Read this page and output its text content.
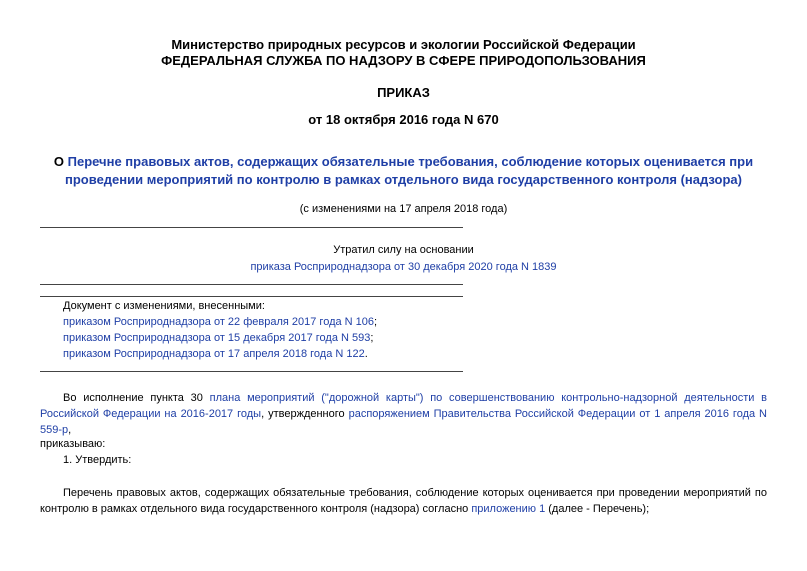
Министерство природных ресурсов и экологии Российской Федерации
ФЕДЕРАЛЬНАЯ СЛУЖБА ПО НАДЗОРУ В СФЕРЕ ПРИРОДОПОЛЬЗОВАНИЯ
ПРИКАЗ
от 18 октября 2016 года N 670
О Перечне правовых актов, содержащих обязательные требования, соблюдение которых оценивается при
проведении мероприятий по контролю в рамках отдельного вида государственного контроля (надзора)
(с изменениями на 17 апреля 2018 года)
Утратил силу на основании
приказа Росприроднадзора от 30 декабря 2020 года N 1839
Документ с изменениями, внесенными:
приказом Росприроднадзора от 22 февраля 2017 года N 106;
приказом Росприроднадзора от 15 декабря 2017 года N 593;
приказом Росприроднадзора от 17 апреля 2018 года N 122.

Во исполнение пункта 30 плана мероприятий ("дорожной карты") по совершенствованию контрольно-надзорной деятельности в Российской Федерации на 2016-2017 годы, утвержденного распоряжением Правительства Российской Федерации от 1 апреля 2016 года N 559-р,

приказываю:
1. Утвердить:

Перечень правовых актов, содержащих обязательные требования, соблюдение которых оценивается при проведении мероприятий по контролю в рамках отдельного вида государственного контроля (надзора) согласно приложению 1 (далее - Перечень);
